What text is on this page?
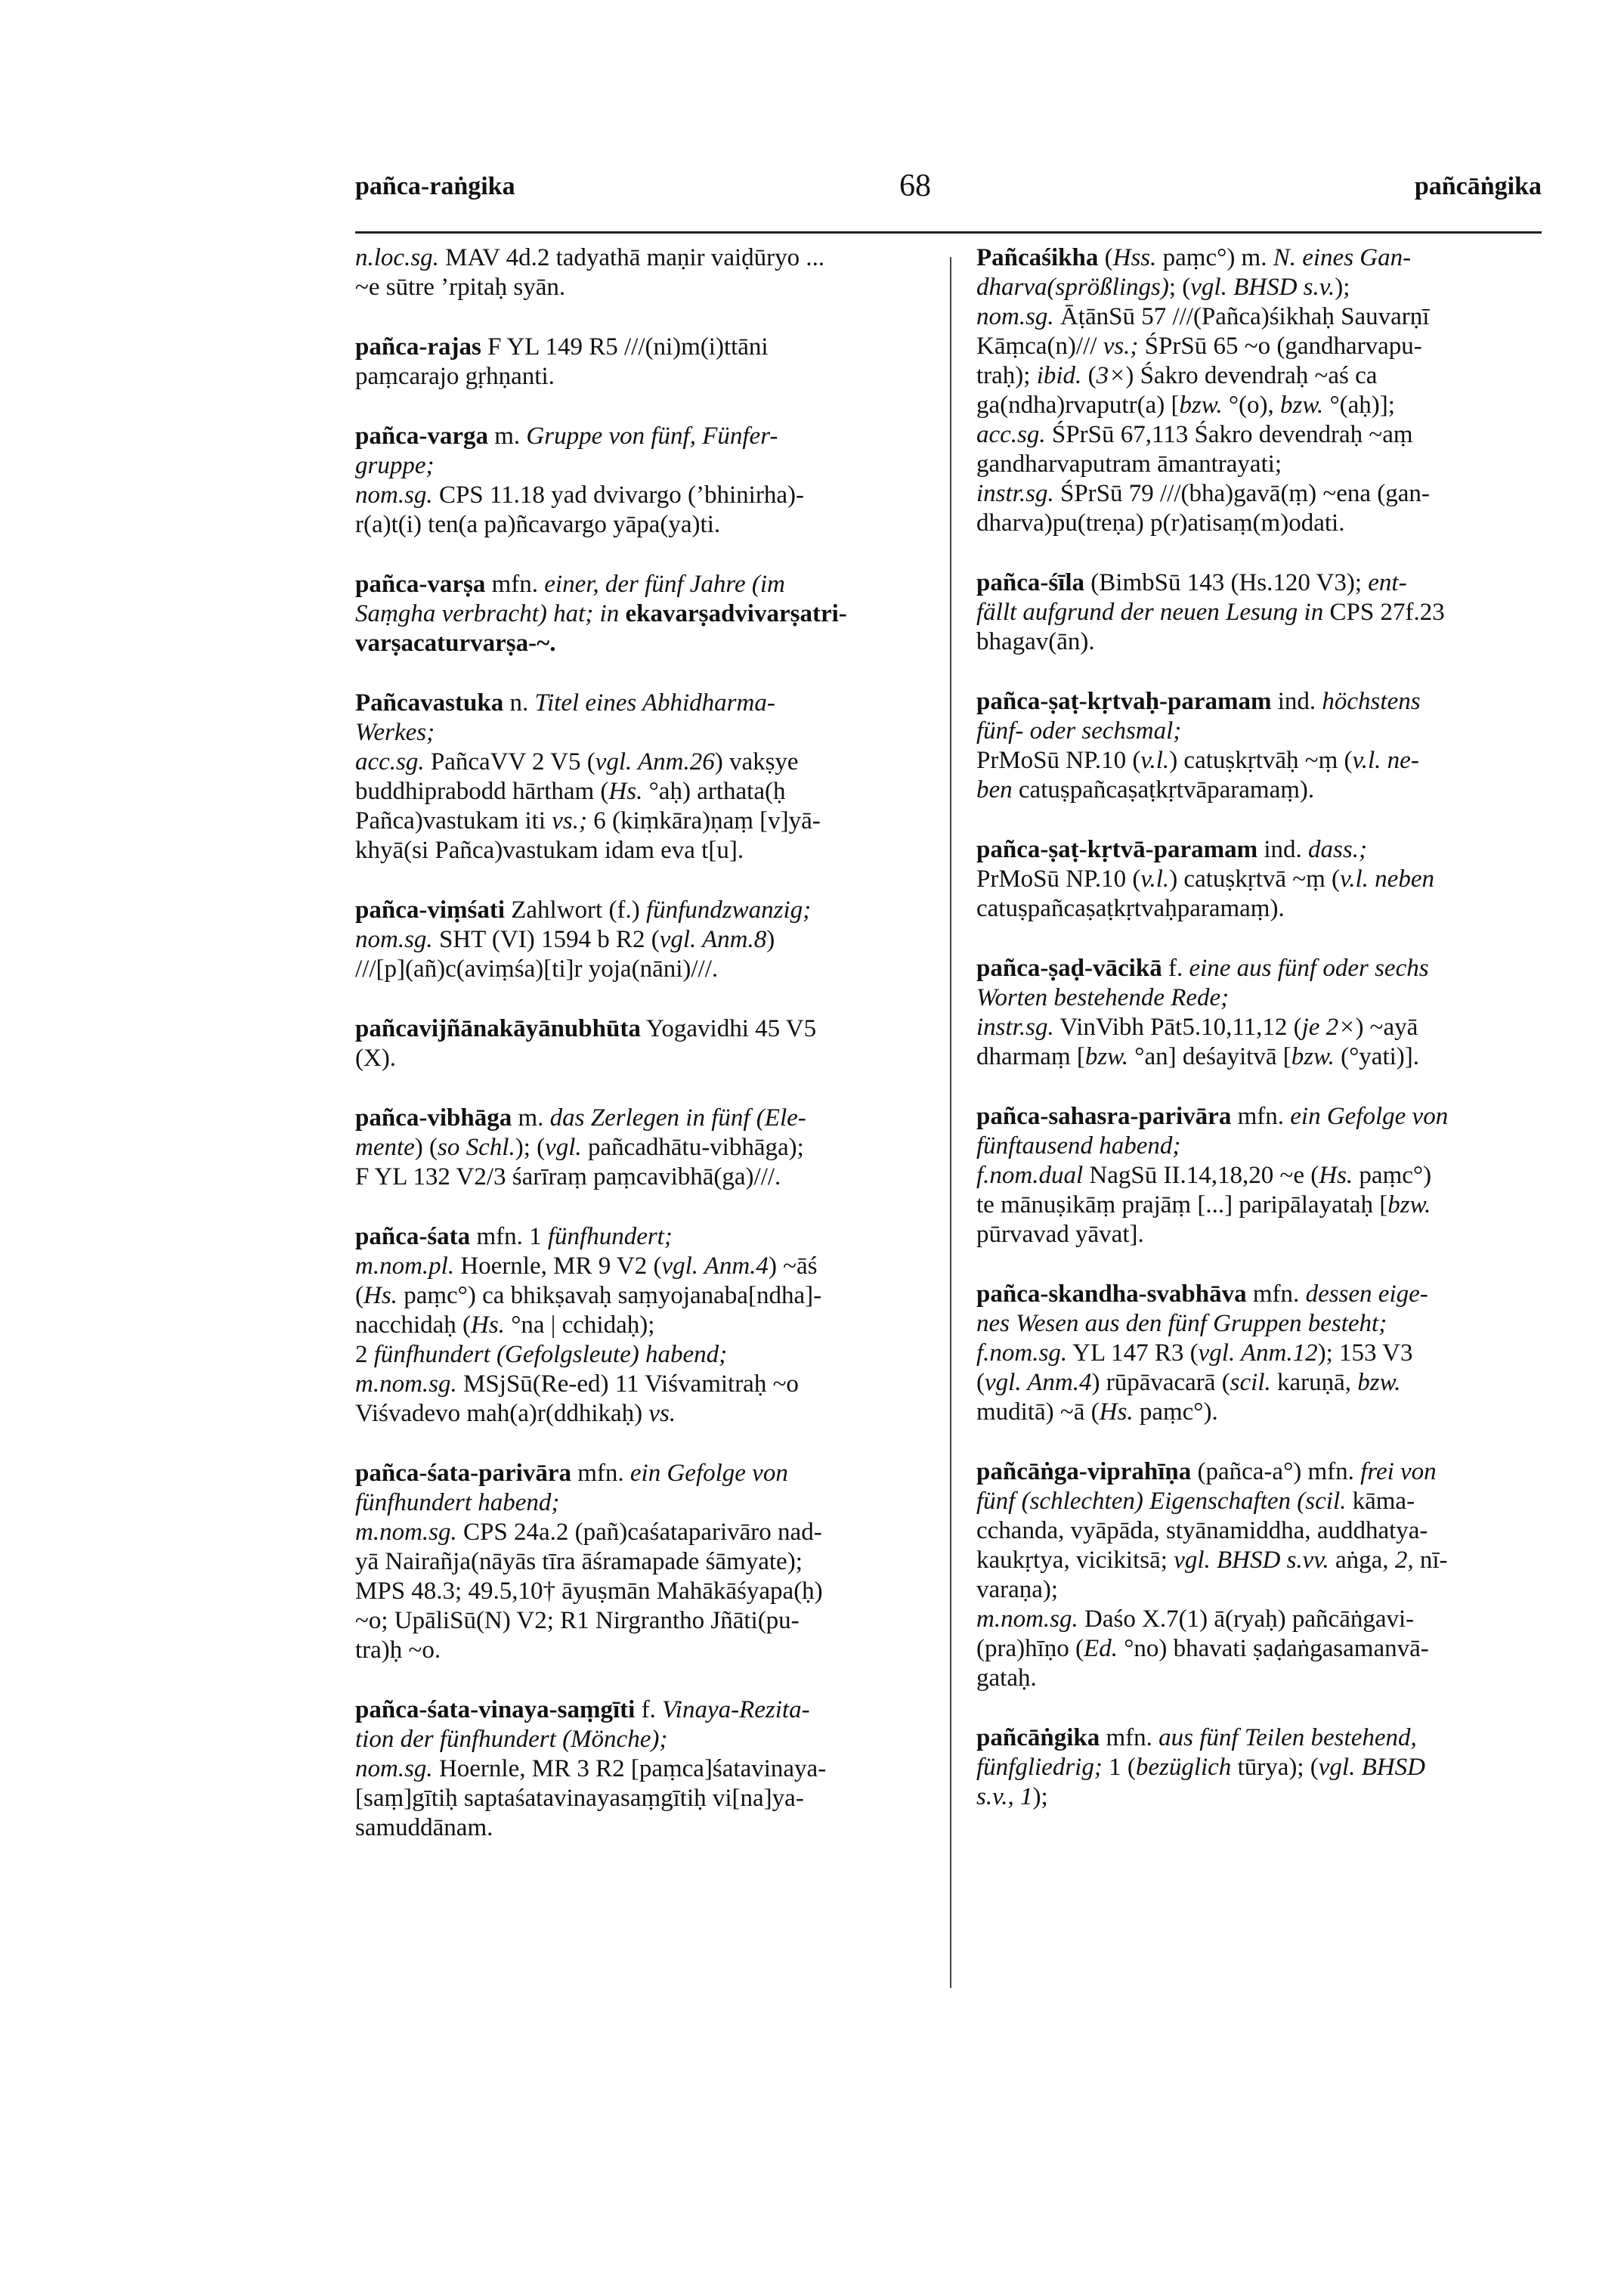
pañca-raṅgika	68	pañcāṅgika
n.loc.sg. MAV 4d.2 tadyathā maṇir vaiḍūryo ...
~e sūtre ’rpitaḥ syān.
pañca-rajas F YL 149 R5 ///(ni)m(i)ttāni
paṃcarajo gṛhṇanti.
pañca-varga m. Gruppe von fünf, Fünfer-
gruppe;
nom.sg. CPS 11.18 yad dvivargo (’bhinirha)-
r(a)t(i) ten(a pa)ñcavargo yāpa(ya)ti.
pañca-varṣa mfn. einer, der fünf Jahre (im
Saṃgha verbracht) hat; in ekavarṣadvivarṣatri-
varṣacaturvarṣa-~.
Pañcavastuka n. Titel eines Abhidharma-
Werkes;
acc.sg. PañcaVV 2 V5 (vgl. Anm.26) vakṣye
buddhiprabodd hārtham (Hs. °aḥ) arthata(ḥ
Pañca)vastukam iti vs.; 6 (kiṃkāra)ṇaṃ [v]yā-
khyā(si Pañca)vastukam idam eva t[u].
pañca-viṃśati Zahlwort (f.) fünfundzwanzig;
nom.sg. SHT (VI) 1594 b R2 (vgl. Anm.8)
///[p](añ)c(aviṃśa)[ti]r yoja(nāni)///.
pañcavijñānakāyānubhūta Yogavidhi 45 V5
(X).
pañca-vibhāga m. das Zerlegen in fünf (Ele-
mente) (so Schl.); (vgl. pañcadhātu-vibhāga);
F YL 132 V2/3 śarīraṃ paṃcavibhā(ga)///.
pañca-śata mfn. 1 fünfhundert;
m.nom.pl. Hoernle, MR 9 V2 (vgl. Anm.4) ~āś
(Hs. paṃc°) ca bhikṣavaḥ saṃyojanaba[ndha]-
nacchidaḥ (Hs. °na | cchidaḥ);
2 fünfhundert (Gefolgsleute) habend;
m.nom.sg. MSjSū(Re-ed) 11 Viśvamitraḥ ~o
Viśvadevo mah(a)r(ddhikaḥ) vs.
pañca-śata-parivāra mfn. ein Gefolge von
fünfhundert habend;
m.nom.sg. CPS 24a.2 (pañ)caśataparivāro nad-
yā Nairañja(nāyās tīra āśramapade śāmyate);
MPS 48.3; 49.5,10† āyuṣmān Mahākāśyapa(ḥ)
~o; UpāliSū(N) V2; R1 Nirgrantho Jñāti(pu-
tra)ḥ ~o.
pañca-śata-vinaya-saṃgīti f. Vinaya-Rezita-
tion der fünfhundert (Mönche);
nom.sg. Hoernle, MR 3 R2 [paṃca]śatavinaya-
[saṃ]gītiḥ saptaśatavinayasaṃgītiḥ vi[na]ya-
samuddānam.
Pañcaśikha (Hss. paṃc°) m. N. eines Gan-
dharva(sprößlings); (vgl. BHSD s.v.);
nom.sg. ĀṭānSū 57 ///(Pañca)śikhaḥ Sauvarṇī
Kāṃca(n)/// vs.; ŚPrSū 65 ~o (gandharvapu-
traḥ); ibid. (3×) Śakro devendraḥ ~aś ca
ga(ndha)rvaputr(a) [bzw. °(o), bzw. °(aḥ)];
acc.sg. ŚPrSū 67,113 Śakro devendraḥ ~aṃ
gandharvaputram āmantrayati;
instr.sg. ŚPrSū 79 ///(bha)gavā(ṃ) ~ena (gan-
dharva)pu(treṇa) p(r)atisaṃ(m)odati.
pañca-śīla (BimbSū 143 (Hs.120 V3); ent-
fällt aufgrund der neuen Lesung in CPS 27f.23
bhagav(ān).
pañca-ṣaṭ-kṛtvaḥ-paramam ind. höchstens
fünf- oder sechsmal;
PrMoSū NP.10 (v.l.) catuṣkṛtvāḥ ~ṃ (v.l. ne-
ben catuṣpañcaṣaṭkṛtvāparamaṃ).
pañca-ṣaṭ-kṛtvā-paramam ind. dass.;
PrMoSū NP.10 (v.l.) catuṣkṛtvā ~ṃ (v.l. neben
catuṣpañcaṣaṭkṛtvaḥparamaṃ).
pañca-ṣaḍ-vācikā f. eine aus fünf oder sechs
Worten bestehende Rede;
instr.sg. VinVibh Pāt5.10,11,12 (je 2×) ~ayā
dharmaṃ [bzw. °an] deśayitvā [bzw. (°yati)].
pañca-sahasra-parivāra mfn. ein Gefolge von
fünftausend habend;
f.nom.dual NagSū II.14,18,20 ~e (Hs. paṃc°)
te mānuṣikāṃ prajāṃ [...] paripālayataḥ [bzw.
pūrvavad yāvat].
pañca-skandha-svabhāva mfn. dessen eige-
nes Wesen aus den fünf Gruppen besteht;
f.nom.sg. YL 147 R3 (vgl. Anm.12); 153 V3
(vgl. Anm.4) rūpāvacarā (scil. karuṇā, bzw.
muditā) ~ā (Hs. paṃc°).
pañcāṅga-viprahīṇa (pañca-a°) mfn. frei von
fünf (schlechten) Eigenschaften (scil. kāma-
cchanda, vyāpāda, styānamiddha, auddhatya-
kaukṛtya, vicikitsā; vgl. BHSD s.vv. aṅga, 2, nī-
varaṇa);
m.nom.sg. Daśo X.7(1) ā(ryaḥ) pañcāṅgavi-
(pra)hīṇo (Ed. °no) bhavati ṣaḍaṅgasamanvā-
gataḥ.
pañcāṅgika mfn. aus fünf Teilen bestehend,
fünfgliedrig; 1 (bezüglich tūrya); (vgl. BHSD
s.v., 1);
